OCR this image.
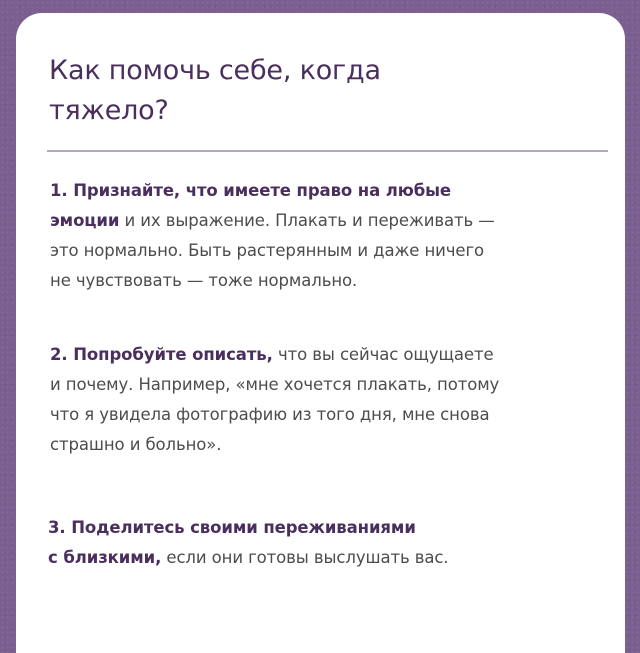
Как помочь себе, когда
тяжело?

1. Признайте, что имеете право на любые
эмоции и их выражение. Плакать и переживать —
это нормально. Быть растерянным и даже ничего
не чувствовать — тоже нормально.

2. Попробуйте описать, что вы сейчас ощущаете
и почему. Например, «мне хочется плакать, потому
что я увидела фотографию из того дня, мне снова
страшно и больно».

3. Поделитесь своими переживаниями
с близкими, если они готовы выслушать вас.
